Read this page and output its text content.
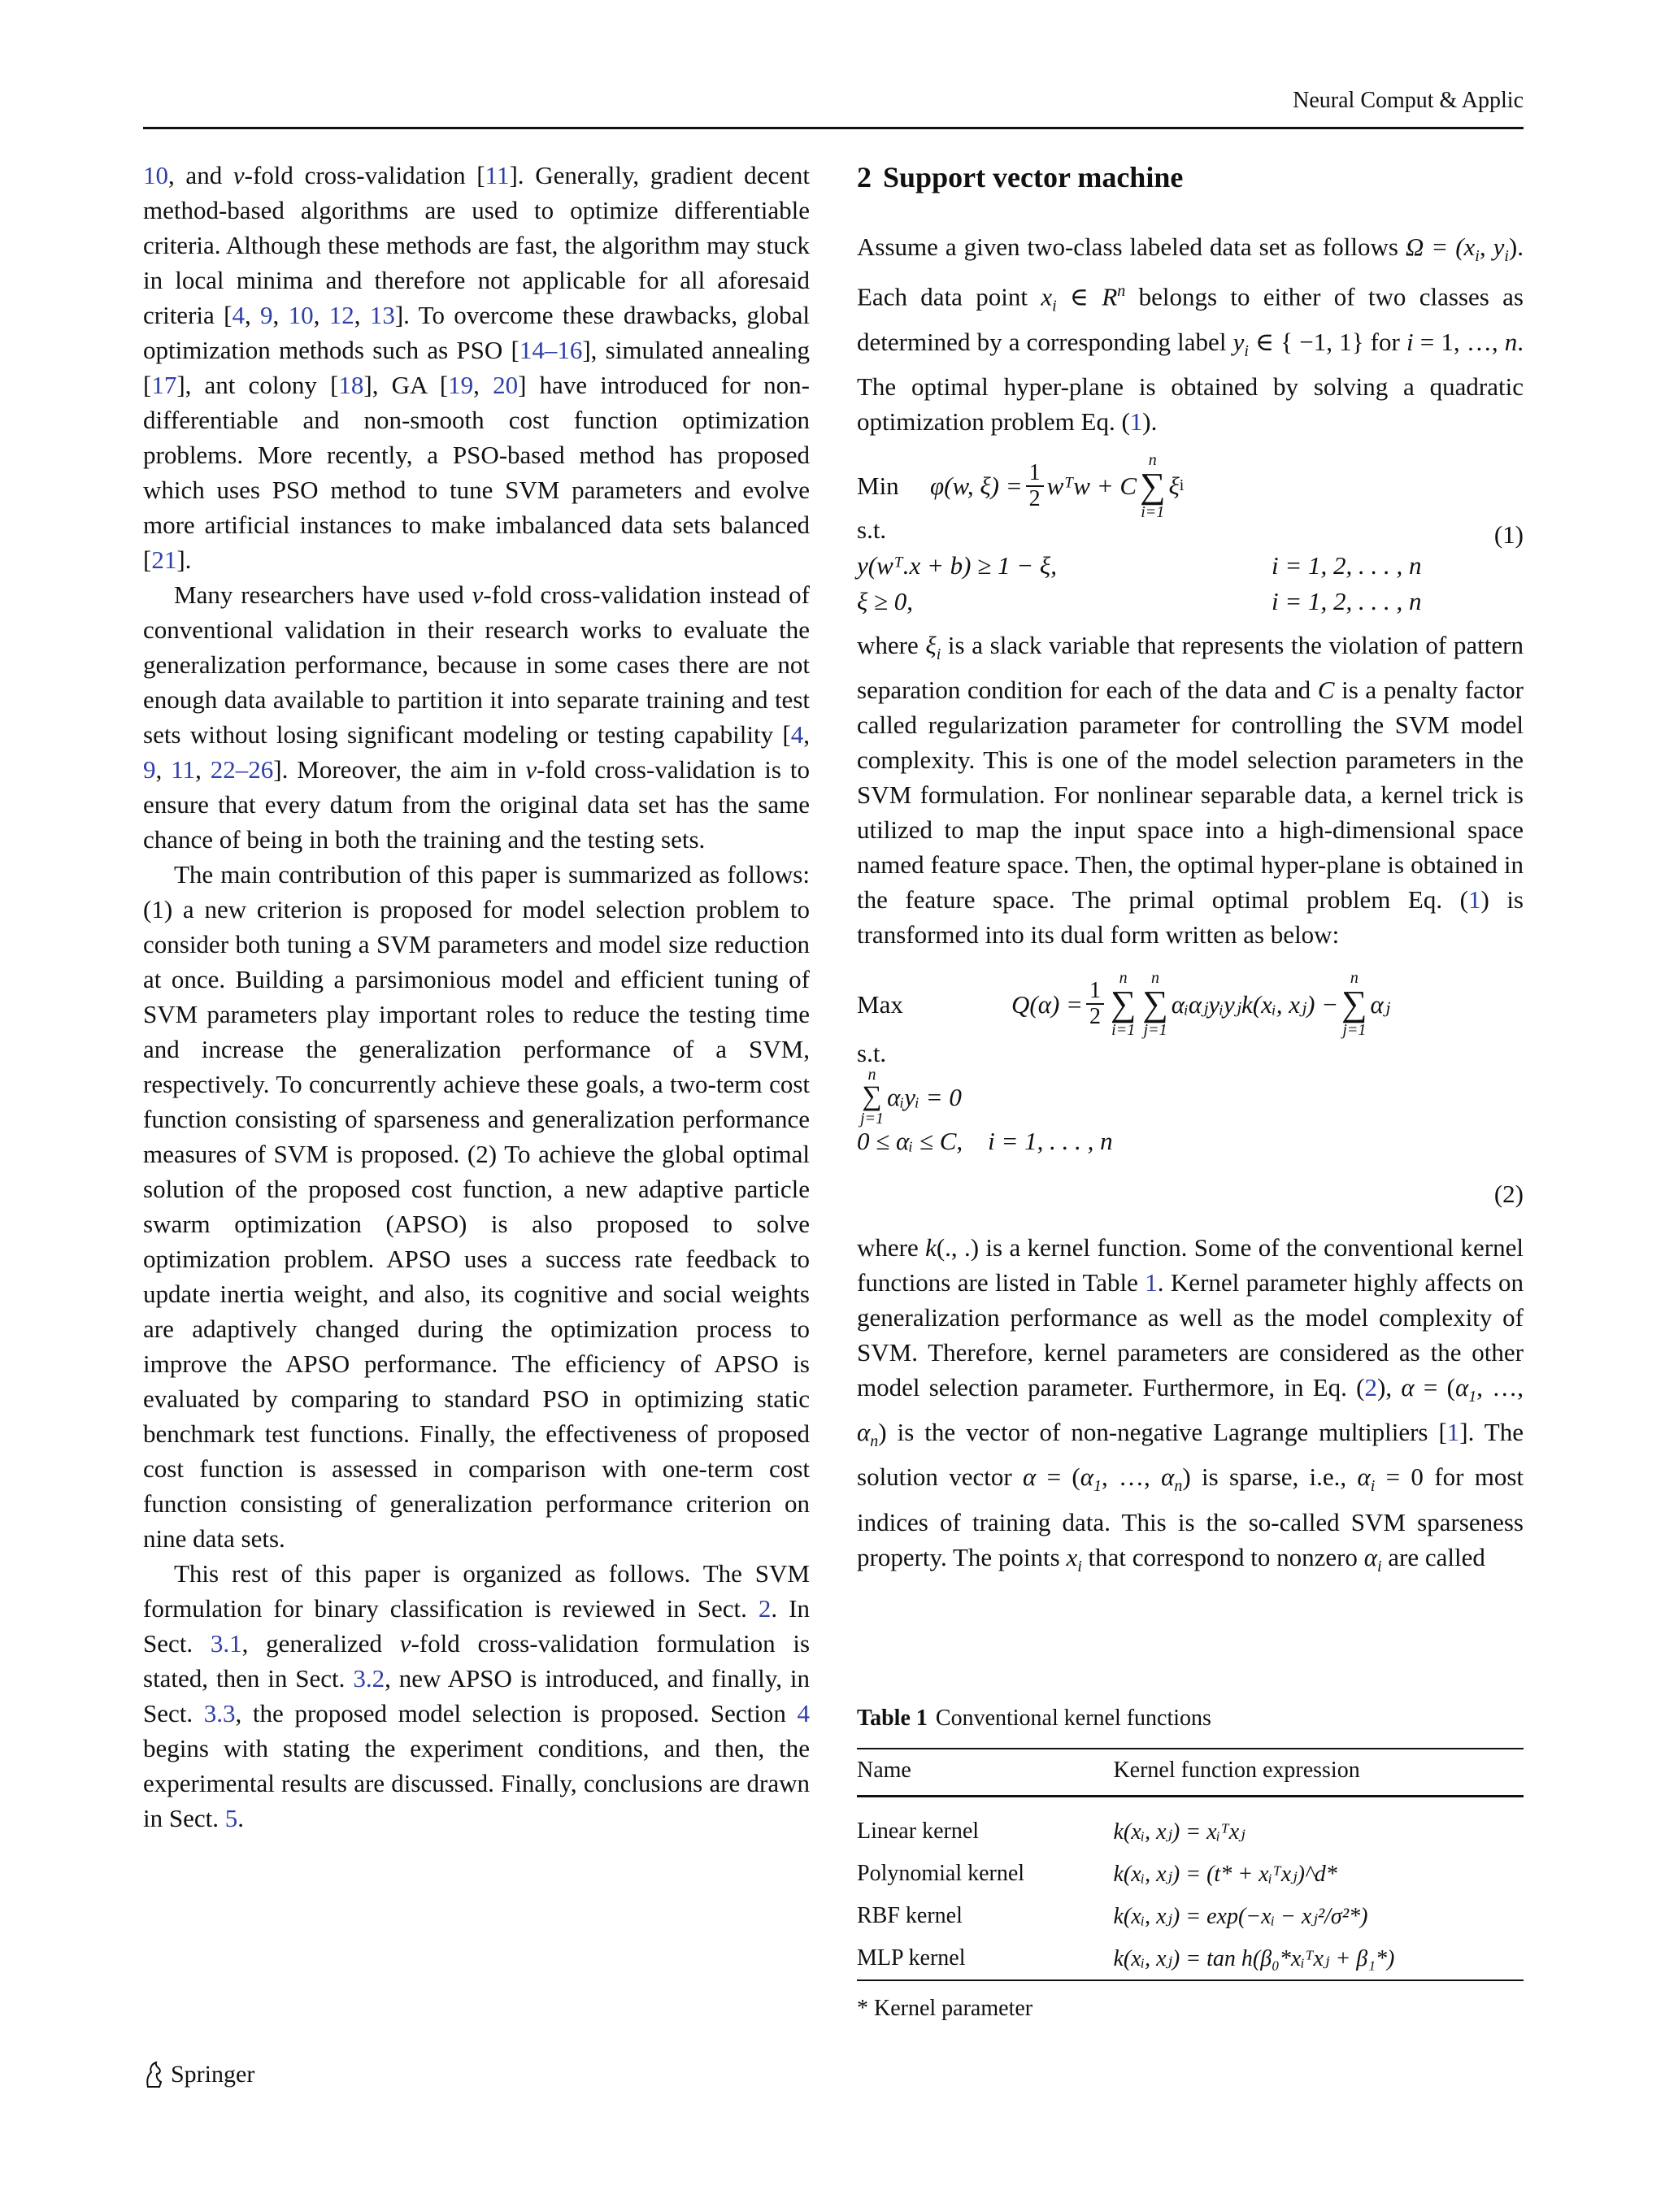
Neural Comput & Applic

10, and v-fold cross-validation [11]. Generally, gradient decent method-based algorithms are used to optimize differentiable criteria. Although these methods are fast, the algorithm may stuck in local minima and therefore not applicable for all aforesaid criteria [4, 9, 10, 12, 13]. To overcome these drawbacks, global optimization methods such as PSO [14–16], simulated annealing [17], ant colony [18], GA [19, 20] have introduced for non-differentiable and non-smooth cost function optimization problems. More recently, a PSO-based method has proposed which uses PSO method to tune SVM parameters and evolve more artificial instances to make imbalanced data sets balanced [21].

Many researchers have used v-fold cross-validation instead of conventional validation in their research works to evaluate the generalization performance, because in some cases there are not enough data available to partition it into separate training and test sets without losing significant modeling or testing capability [4, 9, 11, 22–26]. Moreover, the aim in v-fold cross-validation is to ensure that every datum from the original data set has the same chance of being in both the training and the testing sets.

The main contribution of this paper is summarized as follows: (1) a new criterion is proposed for model selection problem to consider both tuning a SVM parameters and model size reduction at once. Building a parsimonious model and efficient tuning of SVM parameters play important roles to reduce the testing time and increase the generalization performance of a SVM, respectively. To concurrently achieve these goals, a two-term cost function consisting of sparseness and generalization performance measures of SVM is proposed. (2) To achieve the global optimal solution of the proposed cost function, a new adaptive particle swarm optimization (APSO) is also proposed to solve optimization problem. APSO uses a success rate feedback to update inertia weight, and also, its cognitive and social weights are adaptively changed during the optimization process to improve the APSO performance. The efficiency of APSO is evaluated by comparing to standard PSO in optimizing static benchmark test functions. Finally, the effectiveness of proposed cost function is assessed in comparison with one-term cost function consisting of generalization performance criterion on nine data sets.

This rest of this paper is organized as follows. The SVM formulation for binary classification is reviewed in Sect. 2. In Sect. 3.1, generalized v-fold cross-validation formulation is stated, then in Sect. 3.2, new APSO is introduced, and finally, in Sect. 3.3, the proposed model selection is proposed. Section 4 begins with stating the experiment conditions, and then, the experimental results are discussed. Finally, conclusions are drawn in Sect. 5.

2 Support vector machine

Assume a given two-class labeled data set as follows $\Omega = (x_i$, $y_i$). Each data point $x_i$ ∈ $R^n$ belongs to either of two classes as determined by a corresponding label $y_i$ ∈ { −1, 1} for i = 1, …, n. The optimal hyper-plane is obtained by solving a quadratic optimization problem Eq. (1).

Min	φ(w, $\xi) = \frac{1}{2}$ wᵀw + C
n
∑
i=1
ξ i
s.t.	(1)
y(wᵀ.x + b) ≥ 1 − ξ,	i = 1, 2, . . . , n
ξ ≥ 0,	i = 1, 2, . . . , n

where $\xi_i$ is a slack variable that represents the violation of pattern separation condition for each of the data and C is a penalty factor called regularization parameter for controlling the SVM model complexity. This is one of the model selection parameters in the SVM formulation. For nonlinear separable data, a kernel trick is utilized to map the input space into a high-dimensional space named feature space. Then, the optimal hyper-plane is obtained in the feature space. The primal optimal problem Eq. (1) is transformed into its dual form written as below:

Max	$Q(\alpha) = \frac{1}{2}$
n
∑
i=1
n
∑
j=1
αᵢαⱼyᵢyⱼk(xᵢ, xⱼ) −
n
∑
j=1
αⱼ
s.t.
n
∑
j=1
αᵢyᵢ = 0
0 ≤ αᵢ ≤ C,    i = 1, . . . , n
(2)

where k(., .) is a kernel function. Some of the conventional kernel functions are listed in Table 1. Kernel parameter highly affects on generalization performance as well as the model complexity of SVM. Therefore, kernel parameters are considered as the other model selection parameter. Furthermore, in Eq. (2), $\alpha = (\alpha_1$, …, $\alpha_n$) is the vector of non-negative Lagrange multipliers [1]. The solution vector $\alpha = (\alpha_1$, …, $\alpha_n$) is sparse, i.e., $\alpha_i = 0$ for most indices of training data. This is the so-called SVM sparseness property. The points $x_i$ that correspond to nonzero $\alpha_i$ are called

Table 1 Conventional kernel functions
Name	Kernel function expression
Linear kernel	k(xᵢ, xⱼ) = xᵢᵀxⱼ
Polynomial kernel	k(xᵢ, xⱼ) = (t* + xᵢᵀxⱼ)^d*
RBF kernel	k(xᵢ, xⱼ) = exp(−xᵢ − xⱼ²/σ²*)
MLP kernel	k(xᵢ, xⱼ) = tan h(β₀*xᵢᵀxⱼ + β₁*)
* Kernel parameter
Springer
